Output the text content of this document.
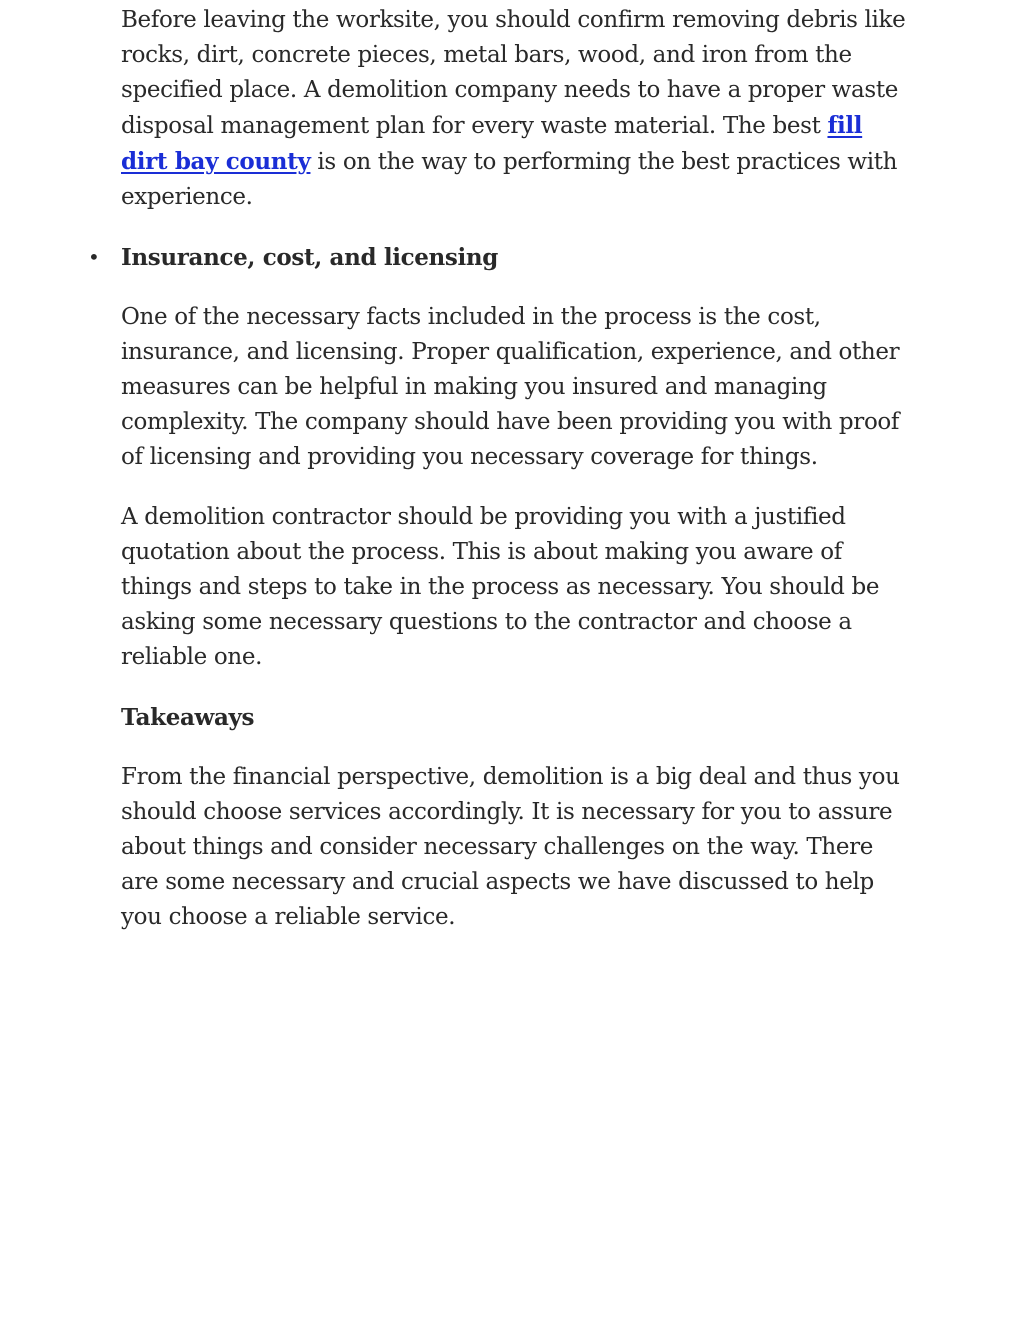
Before leaving the worksite, you should confirm removing debris like rocks, dirt, concrete pieces, metal bars, wood, and iron from the specified place. A demolition company needs to have a proper waste disposal management plan for every waste material. The best fill dirt bay county is on the way to performing the best practices with experience.

• Insurance, cost, and licensing

One of the necessary facts included in the process is the cost, insurance, and licensing. Proper qualification, experience, and other measures can be helpful in making you insured and managing complexity. The company should have been providing you with proof of licensing and providing you necessary coverage for things.

A demolition contractor should be providing you with a justified quotation about the process. This is about making you aware of things and steps to take in the process as necessary. You should be asking some necessary questions to the contractor and choose a reliable one.

Takeaways

From the financial perspective, demolition is a big deal and thus you should choose services accordingly. It is necessary for you to assure about things and consider necessary challenges on the way. There are some necessary and crucial aspects we have discussed to help you choose a reliable service.
